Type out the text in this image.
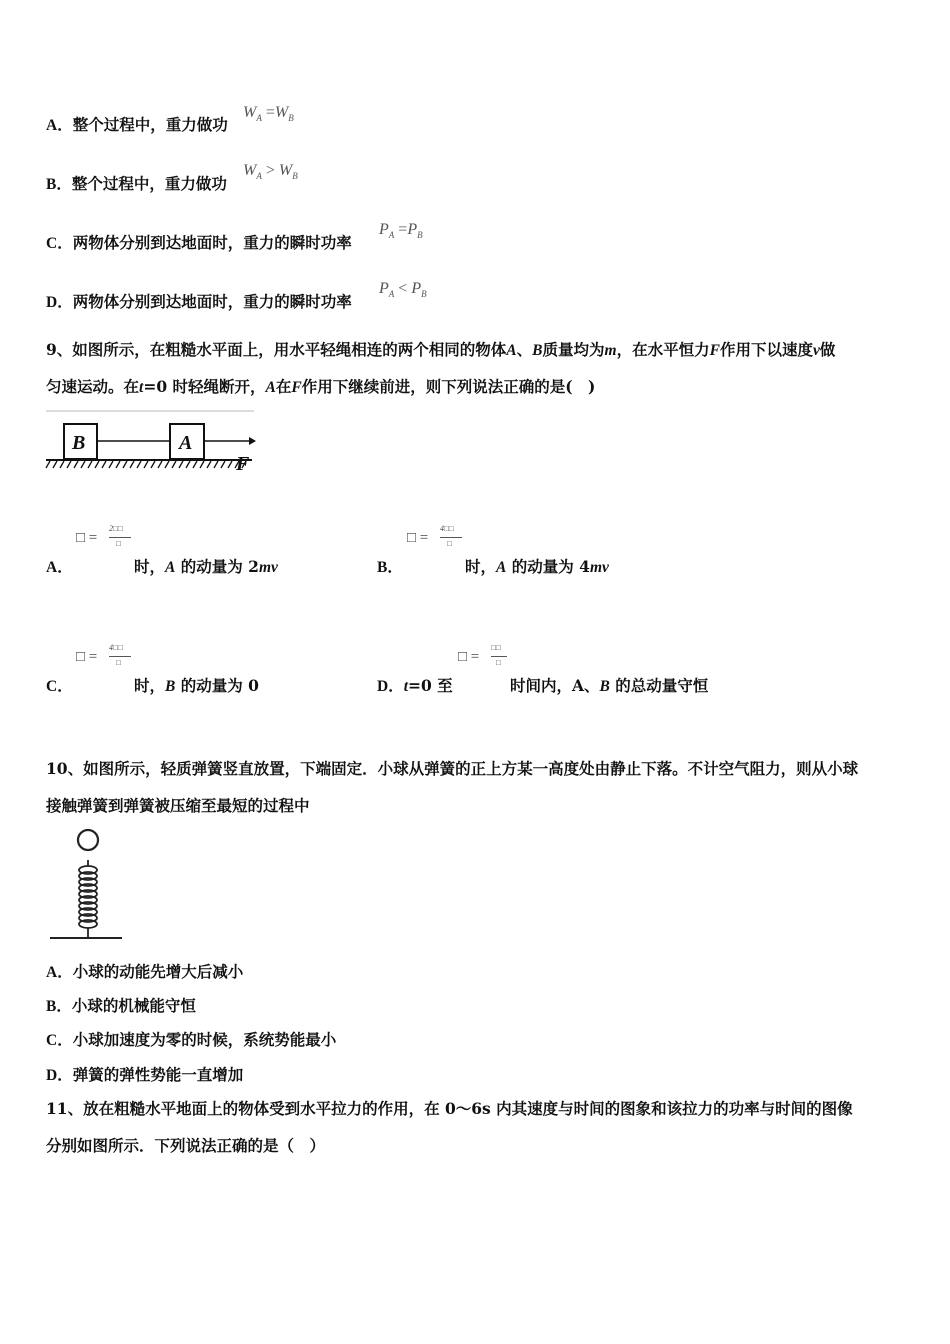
A．整个过程中，重力做功
$W_A =W_B$
B．整个过程中，重力做功
$W_A > W_B$
C．两物体分别到达地面时，重力的瞬时功率
$P_A =P_B$
D．两物体分别到达地面时，重力的瞬时功率
$P_A < P_B$
9、如图所示，在粗糙水平面上，用水平轻绳相连的两个相同的物体A、B质量均为m，在水平恒力F作用下以速度v做
匀速运动。在t=0 时轻绳断开，A在F作用下继续前进，则下列说法正确的是(　)
B	A
F
A．
□ =
2□□
□
时，A 的动量为 2mv	B．
□ =
4□□
□
时，A 的动量为 4mv
C．
□ =
4□□
□
时，B 的动量为 0	D．t=0 至
□ =
□□
□
时间内，A、B 的总动量守恒
10、如图所示，轻质弹簧竖直放置，下端固定．小球从弹簧的正上方某一高度处由静止下落。不计空气阻力，则从小球
接触弹簧到弹簧被压缩至最短的过程中
A．小球的动能先增大后减小
B．小球的机械能守恒
C．小球加速度为零的时候，系统势能最小
D．弹簧的弹性势能一直增加
11、放在粗糙水平地面上的物体受到水平拉力的作用，在 0～6s 内其速度与时间的图象和该拉力的功率与时间的图像
分别如图所示．下列说法正确的是（　）
